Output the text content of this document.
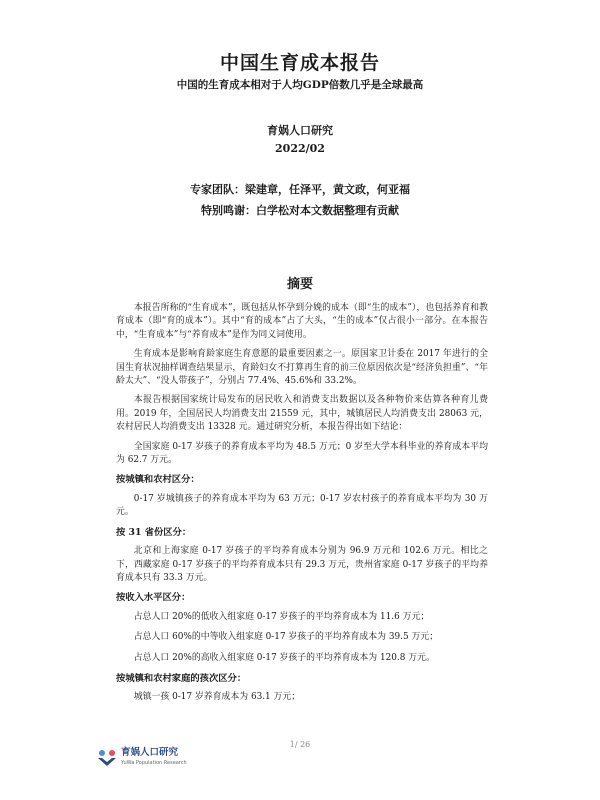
中国生育成本报告
中国的生育成本相对于人均GDP倍数几乎是全球最高
育娲人口研究
2022/02
专家团队：梁建章，任泽平，黄文政，何亚福
特别鸣谢：白学松对本文数据整理有贡献
摘要

本报告所称的“生育成本”，既包括从怀孕到分娩的成本（即“生的成本”），也包括养育和教育成本（即“育的成本”）。其中“育的成本”占了大头，“生的成本”仅占很小一部分。在本报告中，“生育成本”与“养育成本”是作为同义词使用。

生育成本是影响育龄家庭生育意愿的最重要因素之一。原国家卫计委在 2017 年进行的全国生育状况抽样调查结果显示，育龄妇女不打算再生育的前三位原因依次是“经济负担重”、“年龄太大”、“没人带孩子”，分别占 77.4%、45.6%和 33.2%。

本报告根据国家统计局发布的居民收入和消费支出数据以及各种物价来估算各种育儿费用。2019 年，全国居民人均消费支出 21559 元，其中，城镇居民人均消费支出 28063 元，农村居民人均消费支出 13328 元。通过研究分析，本报告得出如下结论：

全国家庭 0-17 岁孩子的养育成本平均为 48.5 万元；0 岁至大学本科毕业的养育成本平均为 62.7 万元。

按城镇和农村区分：

0-17 岁城镇孩子的养育成本平均为 63 万元；0-17 岁农村孩子的养育成本平均为 30 万元。

按 31 省份区分：

北京和上海家庭 0-17 岁孩子的平均养育成本分别为 96.9 万元和 102.6 万元。相比之下，西藏家庭 0-17 岁孩子的平均养育成本只有 29.3 万元，贵州省家庭 0-17 岁孩子的平均养育成本只有 33.3 万元。

按收入水平区分：

占总人口 20%的低收入组家庭 0-17 岁孩子的平均养育成本为 11.6 万元；

占总人口 60%的中等收入组家庭 0-17 岁孩子的平均养育成本为 39.5 万元；

占总人口 20%的高收入组家庭 0-17 岁孩子的平均养育成本为 120.8 万元。

按城镇和农村家庭的孩次区分：

城镇一孩 0-17 岁养育成本为 63.1 万元；

1/ 26
育娲人口研究
YuWa Population Research
